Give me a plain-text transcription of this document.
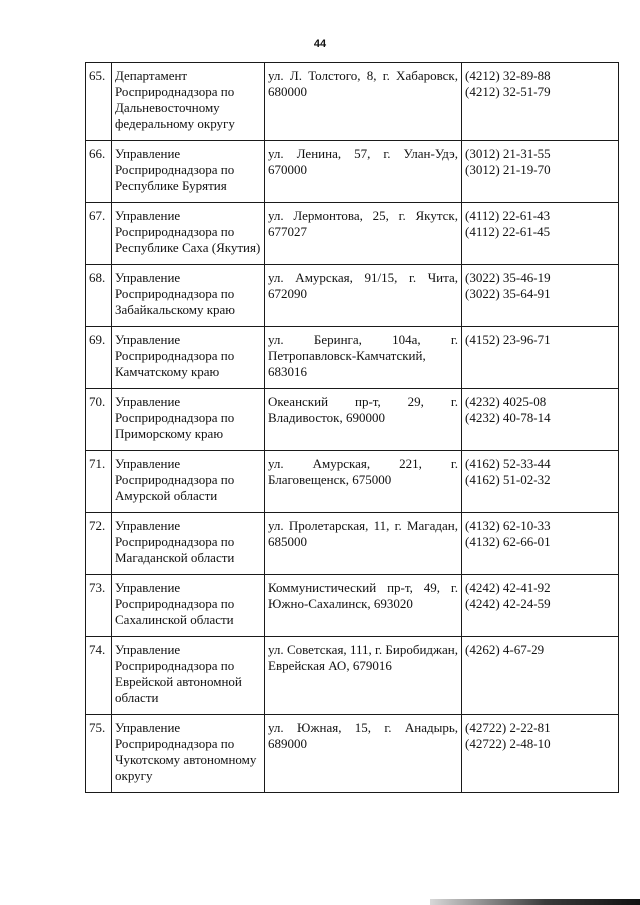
44
65.	Департамент Росприроднадзора по Дальневосточному федеральному округу	ул. Л. Толстого, 8, г. Хабаровск, 680000	(4212) 32-89-88
(4212) 32-51-79

66.	Управление Росприроднадзора по Республике Бурятия	ул. Ленина, 57, г. Улан-Удэ, 670000	(3012) 21-31-55
(3012) 21-19-70

67.	Управление Росприроднадзора по Республике Саха (Якутия)	ул. Лермонтова, 25, г. Якутск, 677027	(4112) 22-61-43
(4112) 22-61-45

68.	Управление Росприроднадзора по Забайкальскому краю	ул. Амурская, 91/15, г. Чита, 672090	(3022) 35-46-19
(3022) 35-64-91

69.	Управление Росприроднадзора по Камчатскому краю	ул. Беринга, 104а, г. Петропавловск-Камчатский, 683016	(4152) 23-96-71

70.	Управление Росприроднадзора по Приморскому краю	Океанский пр-т, 29, г. Владивосток, 690000	(4232) 4025-08
(4232) 40-78-14

71.	Управление Росприроднадзора по Амурской области	ул. Амурская, 221, г. Благовещенск, 675000	(4162) 52-33-44
(4162) 51-02-32

72.	Управление Росприроднадзора по Магаданской области	ул. Пролетарская, 11, г. Магадан, 685000	(4132) 62-10-33
(4132) 62-66-01

73.	Управление Росприроднадзора по Сахалинской области	Коммунистический пр-т, 49, г. Южно-Сахалинск, 693020	(4242) 42-41-92
(4242) 42-24-59

74.	Управление Росприроднадзора по Еврейской автономной области	ул. Советская, 111, г. Биробиджан, Еврейская АО, 679016	(4262) 4-67-29

75.	Управление Росприроднадзора по Чукотскому автономному округу	ул. Южная, 15, г. Анадырь, 689000	(42722) 2-22-81
(42722) 2-48-10
